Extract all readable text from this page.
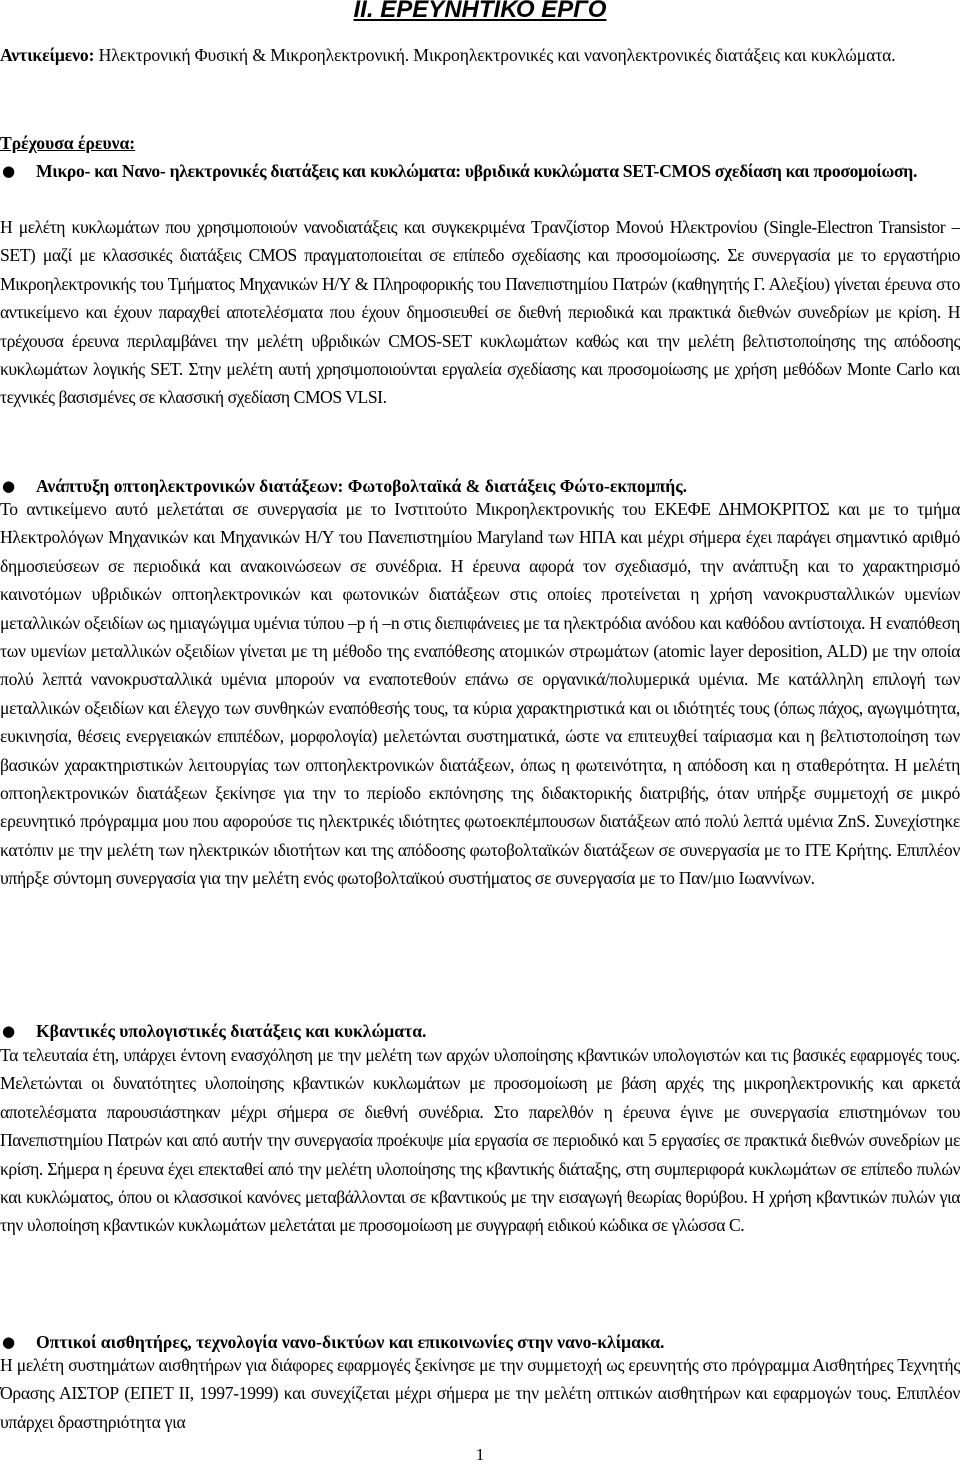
II. ΕΡΕΥΝΗΤΙΚΟ ΕΡΓΟ
Αντικείμενο: Ηλεκτρονική Φυσική & Μικροηλεκτρονική. Μικροηλεκτρονικές και νανοηλεκτρονικές διατάξεις και κυκλώματα.
Τρέχουσα έρευνα:
● Μικρο- και Νανο- ηλεκτρονικές διατάξεις και κυκλώματα: υβριδικά κυκλώματα SET-CMOS σχεδίαση και προσομοίωση.
Η μελέτη κυκλωμάτων που χρησιμοποιούν νανοδιατάξεις και συγκεκριμένα Τρανζίστορ Μονού Ηλεκτρονίου (Single-Electron Transistor – SET) μαζί με κλασσικές διατάξεις CMOS πραγματοποιείται σε επίπεδο σχεδίασης και προσομοίωσης. Σε συνεργασία με το εργαστήριο Μικροηλεκτρονικής του Τμήματος Μηχανικών Η/Υ & Πληροφορικής του Πανεπιστημίου Πατρών (καθηγητής Γ. Αλεξίου) γίνεται έρευνα στο αντικείμενο και έχουν παραχθεί αποτελέσματα που έχουν δημοσιευθεί σε διεθνή περιοδικά και πρακτικά διεθνών συνεδρίων με κρίση. Η τρέχουσα έρευνα περιλαμβάνει την μελέτη υβριδικών CMOS-SET κυκλωμάτων καθώς και την μελέτη βελτιστοποίησης της απόδοσης κυκλωμάτων λογικής SET. Στην μελέτη αυτή χρησιμοποιούνται εργαλεία σχεδίασης και προσομοίωσης με χρήση μεθόδων Monte Carlo και τεχνικές βασισμένες σε κλασσική σχεδίαση CMOS VLSI.
● Ανάπτυξη οπτοηλεκτρονικών διατάξεων: Φωτοβολταϊκά & διατάξεις Φώτο-εκπομπής.
Το αντικείμενο αυτό μελετάται σε συνεργασία με το Ινστιτούτο Μικροηλεκτρονικής του ΕΚΕΦΕ ΔΗΜΟΚΡΙΤΟΣ και με το τμήμα Ηλεκτρολόγων Μηχανικών και Μηχανικών Η/Υ του Πανεπιστημίου Maryland των ΗΠΑ και μέχρι σήμερα έχει παράγει σημαντικό αριθμό δημοσιεύσεων σε περιοδικά και ανακοινώσεων σε συνέδρια. Η έρευνα αφορά τον σχεδιασμό, την ανάπτυξη και το χαρακτηρισμό καινοτόμων υβριδικών οπτοηλεκτρονικών και φωτονικών διατάξεων στις οποίες προτείνεται η χρήση νανοκρυσταλλικών υμενίων μεταλλικών οξειδίων ως ημιαγώγιμα υμένια τύπου –p ή –n στις διεπιφάνειες με τα ηλεκτρόδια ανόδου και καθόδου αντίστοιχα. Η εναπόθεση των υμενίων μεταλλικών οξειδίων γίνεται με τη μέθοδο της εναπόθεσης ατομικών στρωμάτων (atomic layer deposition, ALD) με την οποία πολύ λεπτά νανοκρυσταλλικά υμένια μπορούν να εναποτεθούν επάνω σε οργανικά/πολυμερικά υμένια. Με κατάλληλη επιλογή των μεταλλικών οξειδίων και έλεγχο των συνθηκών εναπόθεσής τους, τα κύρια χαρακτηριστικά και οι ιδιότητές τους (όπως πάχος, αγωγιμότητα, ευκινησία, θέσεις ενεργειακών επιπέδων, μορφολογία) μελετώνται συστηματικά, ώστε να επιτευχθεί ταίριασμα και η βελτιστοποίηση των βασικών χαρακτηριστικών λειτουργίας των οπτοηλεκτρονικών διατάξεων, όπως η φωτεινότητα, η απόδοση και η σταθερότητα. Η μελέτη οπτοηλεκτρονικών διατάξεων ξεκίνησε για την το περίοδο εκπόνησης της διδακτορικής διατριβής, όταν υπήρξε συμμετοχή σε μικρό ερευνητικό πρόγραμμα μου που αφορούσε τις ηλεκτρικές ιδιότητες φωτοεκπέμπουσων διατάξεων από πολύ λεπτά υμένια ZnS. Συνεχίστηκε κατόπιν με την μελέτη των ηλεκτρικών ιδιοτήτων και της απόδοσης φωτοβολταϊκών διατάξεων σε συνεργασία με το ΙΤΕ Κρήτης. Επιπλέον υπήρξε σύντομη συνεργασία για την μελέτη ενός φωτοβολταϊκού συστήματος σε συνεργασία με το Παν/μιο Ιωαννίνων.
● Κβαντικές υπολογιστικές διατάξεις και κυκλώματα.
Τα τελευταία έτη, υπάρχει έντονη ενασχόληση με την μελέτη των αρχών υλοποίησης κβαντικών υπολογιστών και τις βασικές εφαρμογές τους. Μελετώνται οι δυνατότητες υλοποίησης κβαντικών κυκλωμάτων με προσομοίωση με βάση αρχές της μικροηλεκτρονικής και αρκετά αποτελέσματα παρουσιάστηκαν μέχρι σήμερα σε διεθνή συνέδρια. Στο παρελθόν η έρευνα έγινε με συνεργασία επιστημόνων του Πανεπιστημίου Πατρών και από αυτήν την συνεργασία προέκυψε μία εργασία σε περιοδικό και 5 εργασίες σε πρακτικά διεθνών συνεδρίων με κρίση. Σήμερα η έρευνα έχει επεκταθεί από την μελέτη υλοποίησης της κβαντικής διάταξης, στη συμπεριφορά κυκλωμάτων σε επίπεδο πυλών και κυκλώματος, όπου οι κλασσικοί κανόνες μεταβάλλονται σε κβαντικούς με την εισαγωγή θεωρίας θορύβου. Η χρήση κβαντικών πυλών για την υλοποίηση κβαντικών κυκλωμάτων μελετάται με προσομοίωση με συγγραφή ειδικού κώδικα σε γλώσσα C.
● Οπτικοί αισθητήρες, τεχνολογία νανο-δικτύων και επικοινωνίες στην νανο-κλίμακα.
Η μελέτη συστημάτων αισθητήρων για διάφορες εφαρμογές ξεκίνησε με την συμμετοχή ως ερευνητής στο πρόγραμμα Αισθητήρες Τεχνητής Όρασης ΑΙΣΤΟΡ (ΕΠΕΤ ΙΙ, 1997-1999) και συνεχίζεται μέχρι σήμερα με την μελέτη οπτικών αισθητήρων και εφαρμογών τους. Επιπλέον υπάρχει δραστηριότητα για
1
